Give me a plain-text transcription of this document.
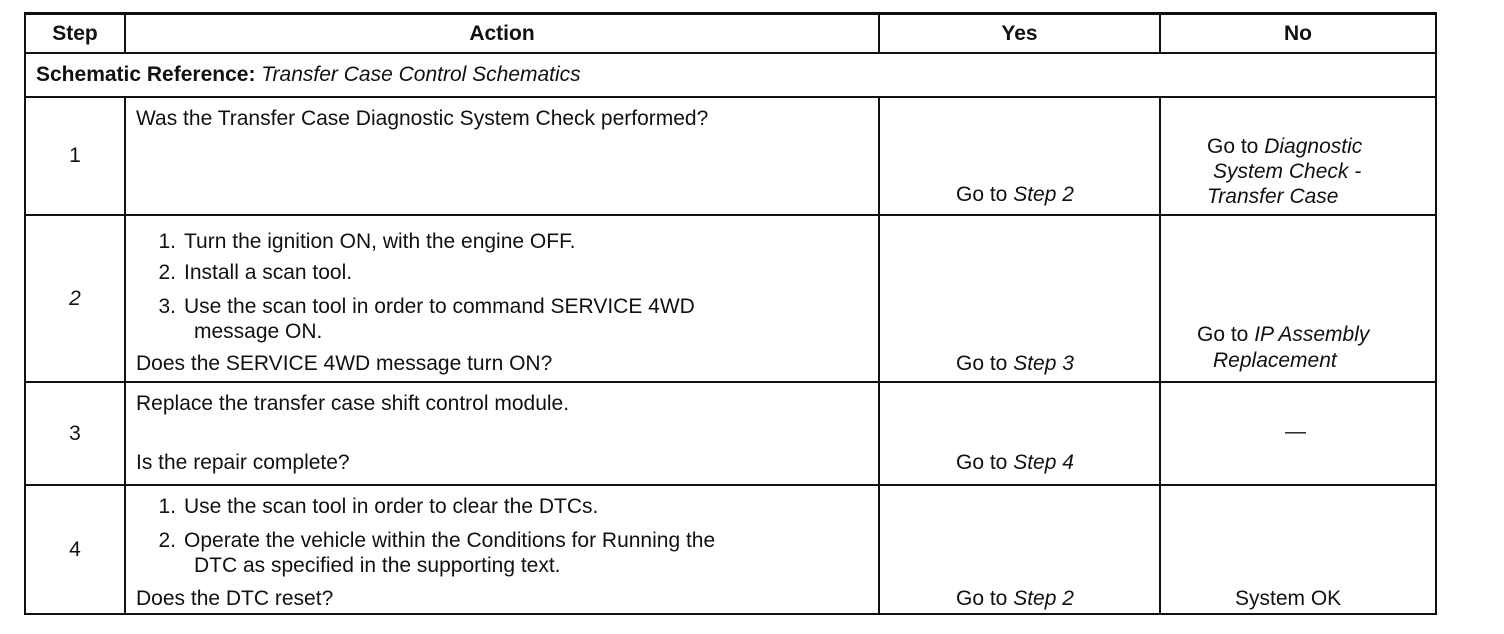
Step	Action	Yes	No
Schematic Reference: Transfer Case Control Schematics			
1	Was the Transfer Case Diagnostic System Check performed?	Go to Step 2	Go to Diagnostic
System Check -
Transfer Case

2	1. Turn the ignition ON, with the engine OFF.
2. Install a scan tool.
3. Use the scan tool in order to command SERVICE 4WD
message ON.
Does the SERVICE 4WD message turn ON?	Go to Step 3	Go to IP Assembly
Replacement

3	Replace the transfer case shift control module.
Is the repair complete?	Go to Step 4	—

4	1. Use the scan tool in order to clear the DTCs.
2. Operate the vehicle within the Conditions for Running the
DTC as specified in the supporting text.
Does the DTC reset?	Go to Step 2	System OK
